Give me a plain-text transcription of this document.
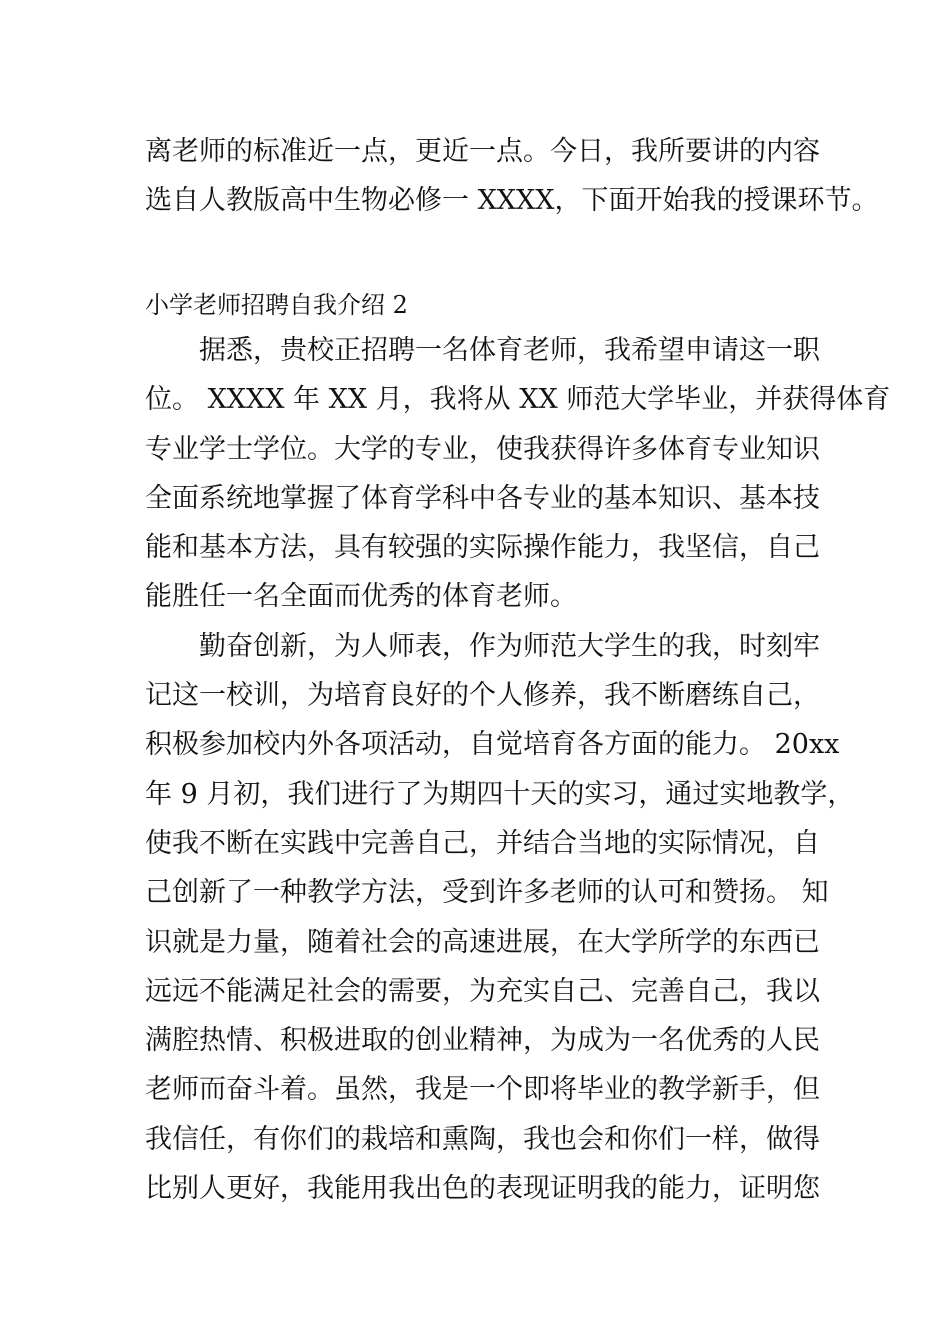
离老师的标准近一点，更近一点。今日，我所要讲的内容
选自人教版高中生物必修一 XXXX，下面开始我的授课环节。
小学老师招聘自我介绍 2
　　据悉，贵校正招聘一名体育老师，我希望申请这一职
位。 XXXX 年 XX 月，我将从 XX 师范大学毕业，并获得体育
专业学士学位。大学的专业，使我获得许多体育专业知识
全面系统地掌握了体育学科中各专业的基本知识、基本技
能和基本方法，具有较强的实际操作能力，我坚信，自己
能胜任一名全面而优秀的体育老师。
　　勤奋创新，为人师表，作为师范大学生的我，时刻牢
记这一校训，为培育良好的个人修养，我不断磨练自己，
积极参加校内外各项活动，自觉培育各方面的能力。 20xx
年 9 月初，我们进行了为期四十天的实习，通过实地教学，
使我不断在实践中完善自己，并结合当地的实际情况，自
己创新了一种教学方法，受到许多老师的认可和赞扬。 知
识就是力量，随着社会的高速进展，在大学所学的东西已
远远不能满足社会的需要，为充实自己、完善自己，我以
满腔热情、积极进取的创业精神，为成为一名优秀的人民
老师而奋斗着。虽然，我是一个即将毕业的教学新手，但
我信任，有你们的栽培和熏陶，我也会和你们一样，做得
比别人更好，我能用我出色的表现证明我的能力，证明您
